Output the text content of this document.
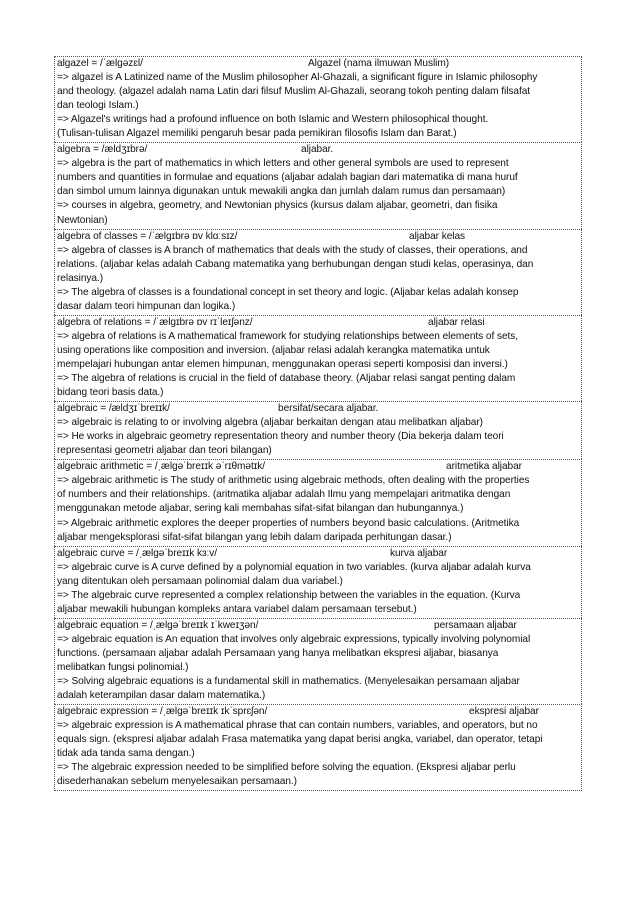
algazel = /ˈælgəzɛl/	Algazel (nama ilmuwan Muslim)
=> algazel is A Latinized name of the Muslim philosopher Al-Ghazali, a significant figure in Islamic philosophy
and theology. (algazel adalah nama Latin dari filsuf Muslim Al-Ghazali, seorang tokoh penting dalam filsafat
dan teologi Islam.)
=> Algazel's writings had a profound influence on both Islamic and Western philosophical thought.
(Tulisan-tulisan Algazel memiliki pengaruh besar pada pemikiran filosofis Islam dan Barat.)
algebra = /ældʒɪbrə/	aljabar.
=> algebra is the part of mathematics in which letters and other general symbols are used to represent
numbers and quantities in formulae and equations (aljabar adalah bagian dari matematika di mana huruf
dan simbol umum lainnya digunakan untuk mewakili angka dan jumlah dalam rumus dan persamaan)
=> courses in algebra, geometry, and Newtonian physics (kursus dalam aljabar, geometri, dan fisika
Newtonian)
algebra of classes = /ˈælgɪbrə ɒv klɑːsɪz/	aljabar kelas
=> algebra of classes is A branch of mathematics that deals with the study of classes, their operations, and
relations. (aljabar kelas adalah Cabang matematika yang berhubungan dengan studi kelas, operasinya, dan
relasinya.)
=> The algebra of classes is a foundational concept in set theory and logic. (Aljabar kelas adalah konsep
dasar dalam teori himpunan dan logika.)
algebra of relations = /ˈælgɪbrə ɒv rɪˈleɪʃənz/	aljabar relasi
=> algebra of relations is A mathematical framework for studying relationships between elements of sets,
using operations like composition and inversion. (aljabar relasi adalah kerangka matematika untuk
mempelajari hubungan antar elemen himpunan, menggunakan operasi seperti komposisi dan inversi.)
=> The algebra of relations is crucial in the field of database theory. (Aljabar relasi sangat penting dalam
bidang teori basis data.)
algebraic = /ældʒɪˈbreɪɪk/	bersifat/secara aljabar.
=> algebraic is relating to or involving algebra (aljabar berkaitan dengan atau melibatkan aljabar)
=> He works in algebraic geometry representation theory and number theory (Dia bekerja dalam teori
representasi geometri aljabar dan teori bilangan)
algebraic arithmetic = /ˌælgəˈbreɪɪk əˈrɪθmətɪk/	aritmetika aljabar
=> algebraic arithmetic is The study of arithmetic using algebraic methods, often dealing with the properties
of numbers and their relationships. (aritmatika aljabar adalah Ilmu yang mempelajari aritmatika dengan
menggunakan metode aljabar, sering kali membahas sifat-sifat bilangan dan hubungannya.)
=> Algebraic arithmetic explores the deeper properties of numbers beyond basic calculations. (Aritmetika
aljabar mengeksplorasi sifat-sifat bilangan yang lebih dalam daripada perhitungan dasar.)
algebraic curve = /ˌælgəˈbreɪɪk kɜːv/	kurva aljabar
=> algebraic curve is A curve defined by a polynomial equation in two variables. (kurva aljabar adalah kurva
yang ditentukan oleh persamaan polinomial dalam dua variabel.)
=> The algebraic curve represented a complex relationship between the variables in the equation. (Kurva
aljabar mewakili hubungan kompleks antara variabel dalam persamaan tersebut.)
algebraic equation = /ˌælgəˈbreɪɪk ɪˈkweɪʒən/	persamaan aljabar
=> algebraic equation is An equation that involves only algebraic expressions, typically involving polynomial
functions. (persamaan aljabar adalah Persamaan yang hanya melibatkan ekspresi aljabar, biasanya
melibatkan fungsi polinomial.)
=> Solving algebraic equations is a fundamental skill in mathematics. (Menyelesaikan persamaan aljabar
adalah keterampilan dasar dalam matematika.)
algebraic expression = /ˌælgəˈbreɪɪk ɪkˈsprɛʃən/	ekspresi aljabar
=> algebraic expression is A mathematical phrase that can contain numbers, variables, and operators, but no
equals sign. (ekspresi aljabar adalah Frasa matematika yang dapat berisi angka, variabel, dan operator, tetapi
tidak ada tanda sama dengan.)
=> The algebraic expression needed to be simplified before solving the equation. (Ekspresi aljabar perlu
disederhanakan sebelum menyelesaikan persamaan.)
